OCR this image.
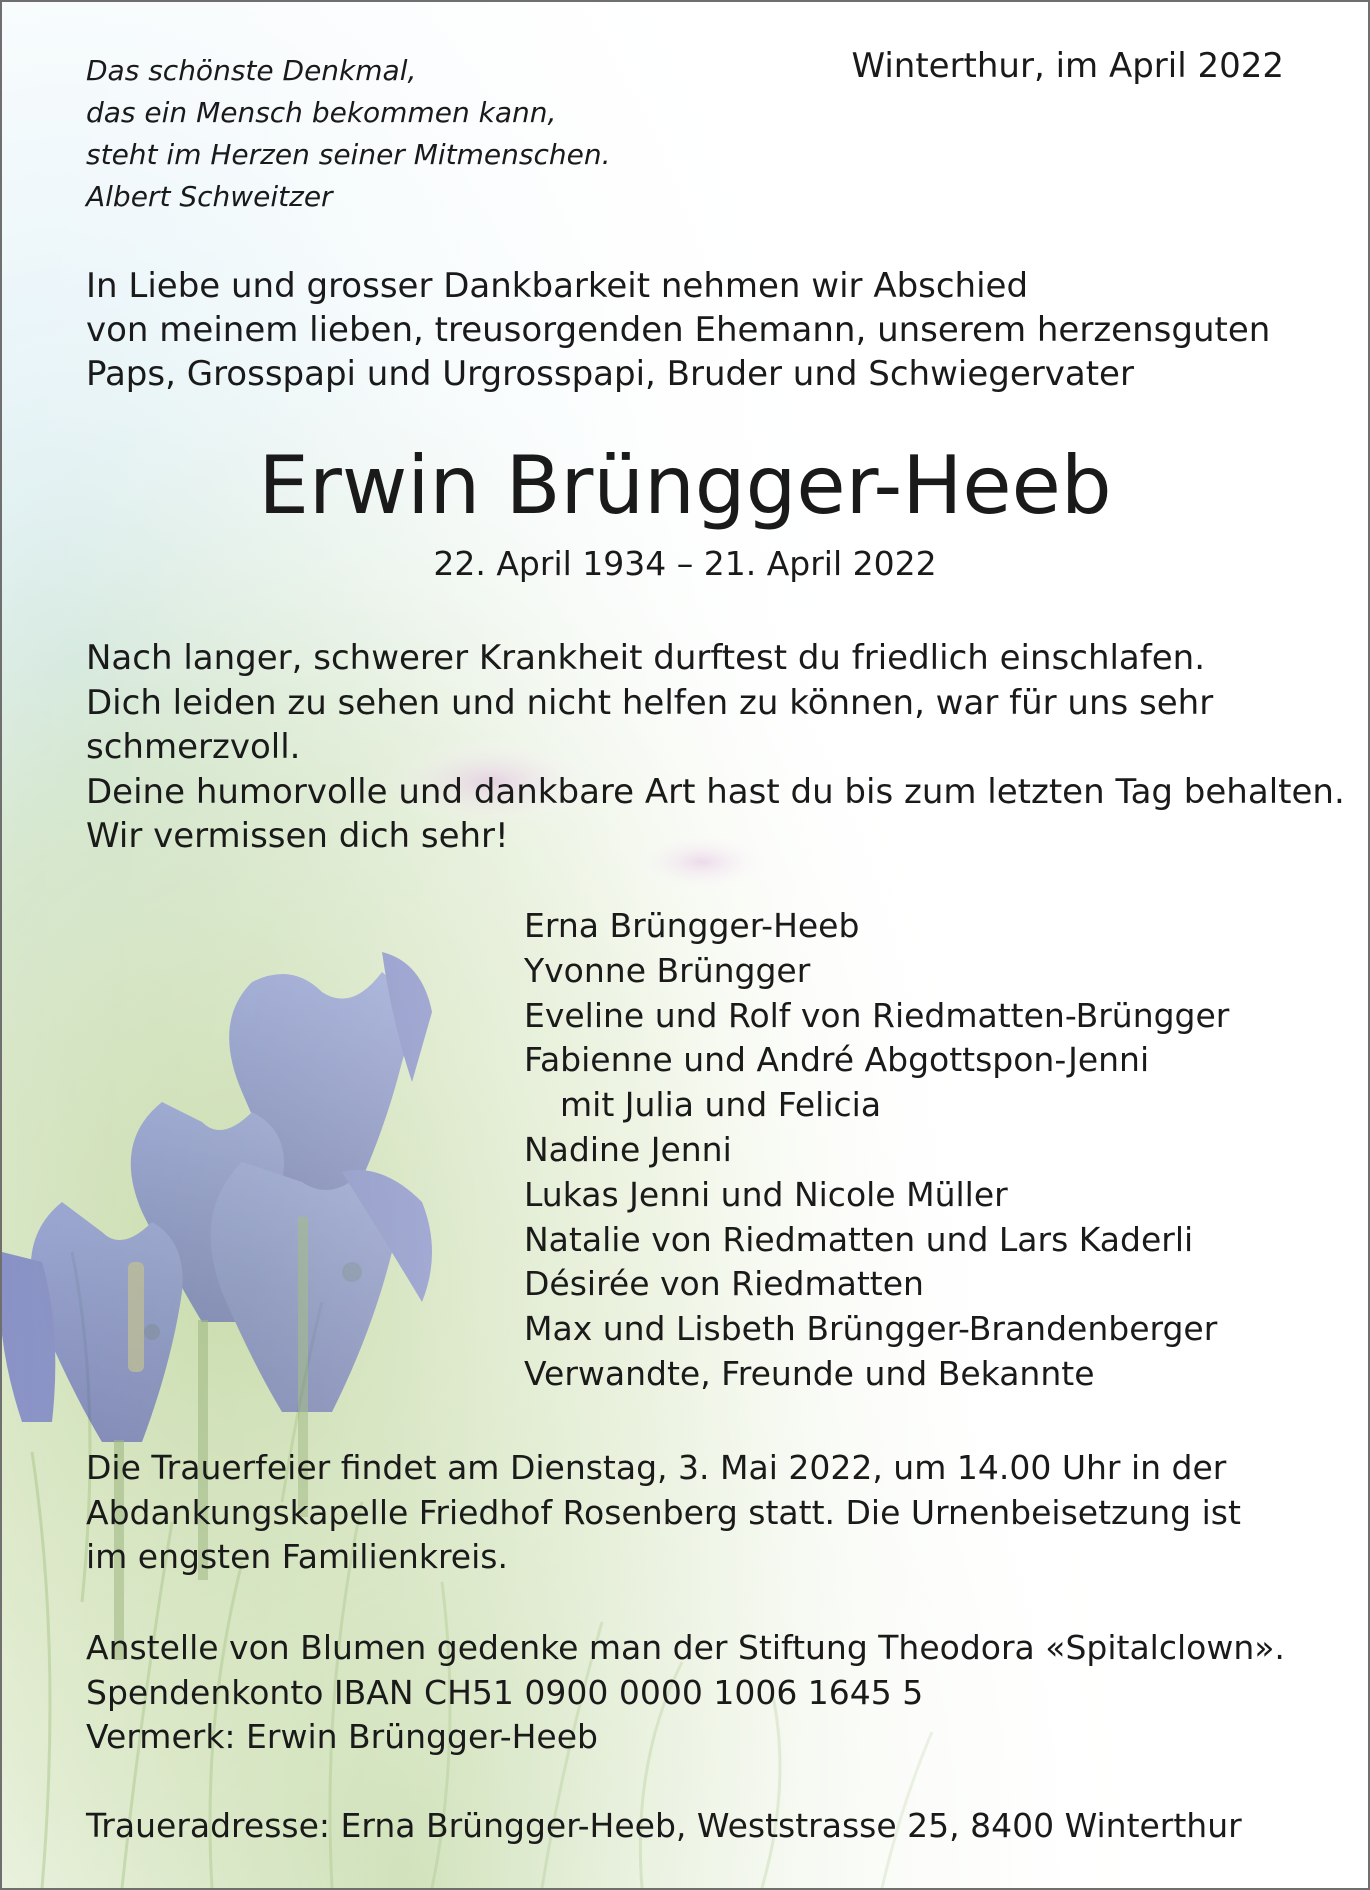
Das schönste Denkmal,
das ein Mensch bekommen kann,
steht im Herzen seiner Mitmenschen.
Albert Schweitzer
Winterthur, im April 2022
In Liebe und grosser Dankbarkeit nehmen wir Abschied
von meinem lieben, treusorgenden Ehemann, unserem herzensguten
Paps, Grosspapi und Urgrosspapi, Bruder und Schwiegervater
Erwin Brüngger-Heeb
22. April 1934 – 21. April 2022
Nach langer, schwerer Krankheit durftest du friedlich einschlafen.
Dich leiden zu sehen und nicht helfen zu können, war für uns sehr
schmerzvoll.
Deine humorvolle und dankbare Art hast du bis zum letzten Tag behalten.
Wir vermissen dich sehr!
Erna Brüngger-Heeb
Yvonne Brüngger
Eveline und Rolf von Riedmatten-Brüngger
Fabienne und André Abgottspon-Jenni
mit Julia und Felicia
Nadine Jenni
Lukas Jenni und Nicole Müller
Natalie von Riedmatten und Lars Kaderli
Désirée von Riedmatten
Max und Lisbeth Brüngger-Brandenberger
Verwandte, Freunde und Bekannte
Die Trauerfeier findet am Dienstag, 3. Mai 2022, um 14.00 Uhr in der
Abdankungskapelle Friedhof Rosenberg statt. Die Urnenbeisetzung ist
im engsten Familienkreis.
Anstelle von Blumen gedenke man der Stiftung Theodora «Spitalclown».
Spendenkonto IBAN CH51 0900 0000 1006 1645 5
Vermerk: Erwin Brüngger-Heeb
Traueradresse: Erna Brüngger-Heeb, Weststrasse 25, 8400 Winterthur
